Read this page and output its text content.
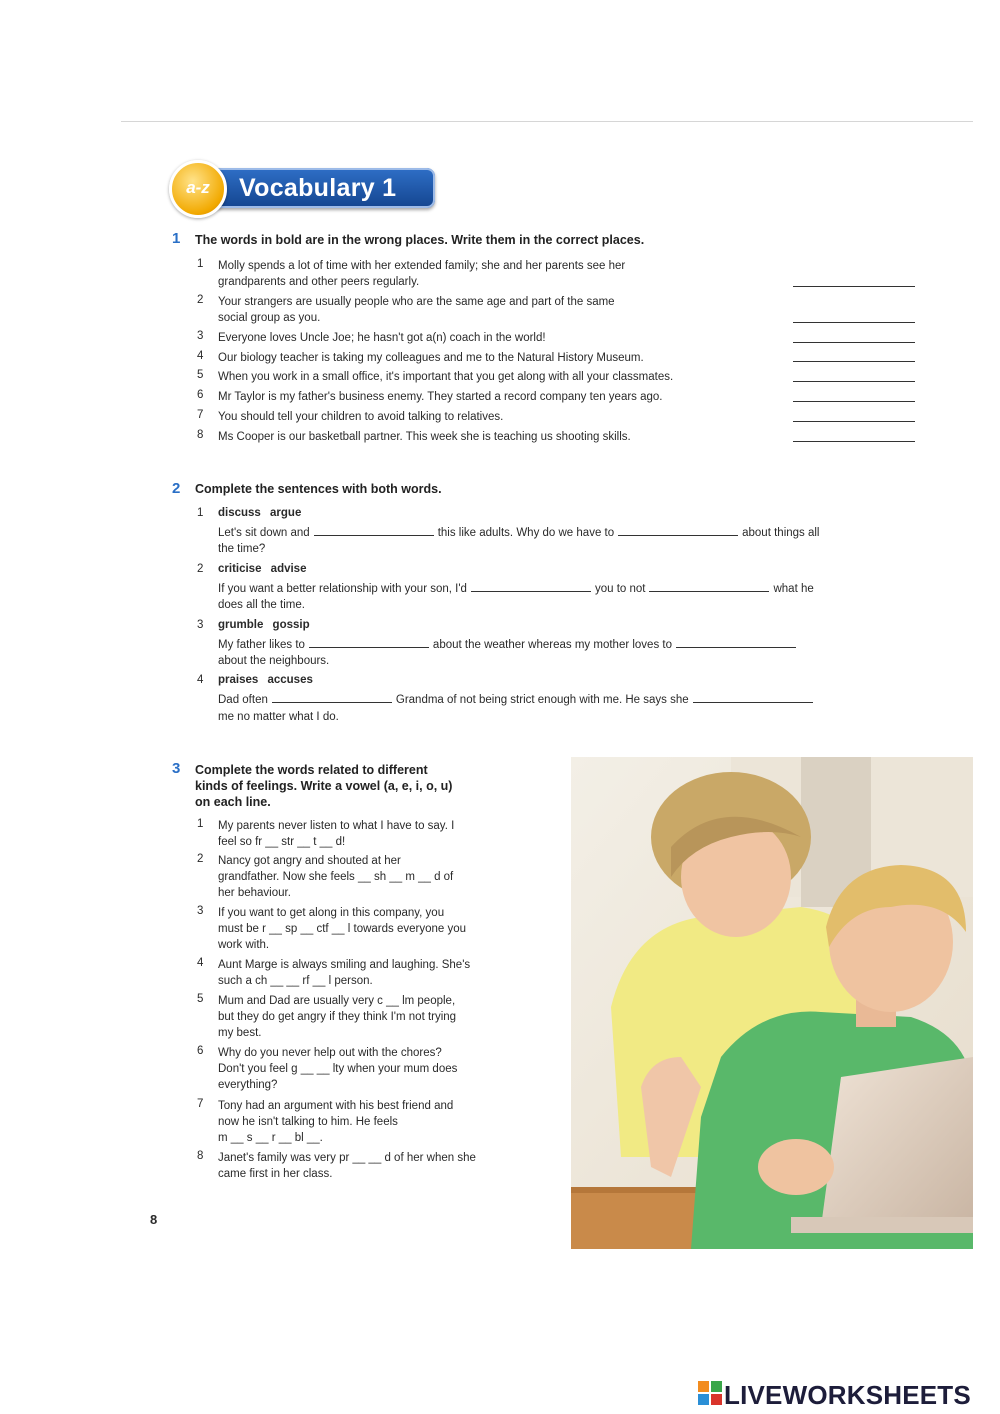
Vocabulary 1
a-z
1 The words in bold are in the wrong places. Write them in the correct places.
1 Molly spends a lot of time with her extended family; she and her parents see her
grandparents and other peers regularly.
2 Your strangers are usually people who are the same age and part of the same
social group as you.
3 Everyone loves Uncle Joe; he hasn't got a(n) coach in the world!
4 Our biology teacher is taking my colleagues and me to the Natural History Museum.
5 When you work in a small office, it's important that you get along with all your classmates.
6 Mr Taylor is my father's business enemy. They started a record company ten years ago.
7 You should tell your children to avoid talking to relatives.
8 Ms Cooper is our basketball partner. This week she is teaching us shooting skills.
2 Complete the sentences with both words.
1 discuss argue
Let's sit down and	this like adults. Why do we have to	about things all
the time?
2 criticise advise
If you want a better relationship with your son, I'd	you to not	what he
does all the time.
3 grumble gossip
My father likes to	about the weather whereas my mother loves to
about the neighbours.
4 praises accuses
Dad often	Grandma of not being strict enough with me. He says she
me no matter what I do.
3 Complete the words related to different
kinds of feelings. Write a vowel (a, e, i, o, u)
on each line.
1 My parents never listen to what I have to say. I
feel so fr __ str __ t __ d!
2 Nancy got angry and shouted at her
grandfather. Now she feels __ sh __ m __ d of
her behaviour.
3 If you want to get along in this company, you
must be r __ sp __ ctf __ l towards everyone you
work with.
4 Aunt Marge is always smiling and laughing. She's
such a ch __ __ rf __ l person.
5 Mum and Dad are usually very c __ lm people,
but they do get angry if they think I'm not trying
my best.
6 Why do you never help out with the chores?
Don't you feel g __ __ lty when your mum does
everything?
7 Tony had an argument with his best friend and
now he isn't talking to him. He feels
m __ s __ r __ bl __.
8 Janet's family was very pr __ __ d of her when she
came first in her class.
8
LIVEWORKSHEETS
